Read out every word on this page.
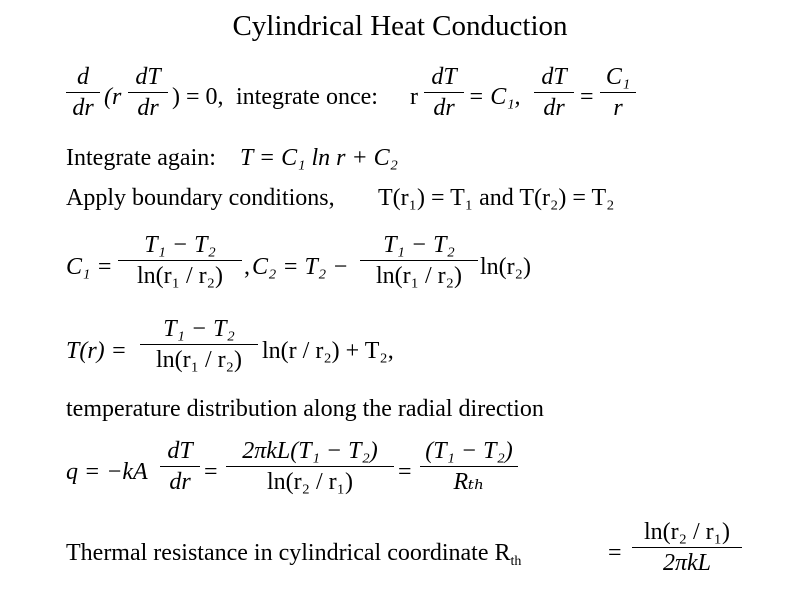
Cylindrical Heat Conduction
d
dr (r
dT
dr ) = 0, integrate once: r
dT
dr = C₁,
dT
dr =
C₁
r
Integrate again: T = C₁ ln r + C₂
Apply boundary conditions, T(r₁) = T₁ and T(r₂) = T₂
C₁ =
T₁ − T₂
ln(r₁ / r₂) , C₂ = T₂ −
T₁ − T₂
ln(r₁ / r₂) ln(r₂)
T(r) =
T₁ − T₂
ln(r₁ / r₂) ln(r / r₂) + T₂,
temperature distribution along the radial direction
q = −kA
dT
dr =
2πkL(T₁ − T₂)
ln(r₂ / r₁)	=
(T₁ − T₂)
Rₜₕ
Thermal resistance in cylindrical coordinate $R_{th}$	=
ln(r₂ / r₁)
2πkL
